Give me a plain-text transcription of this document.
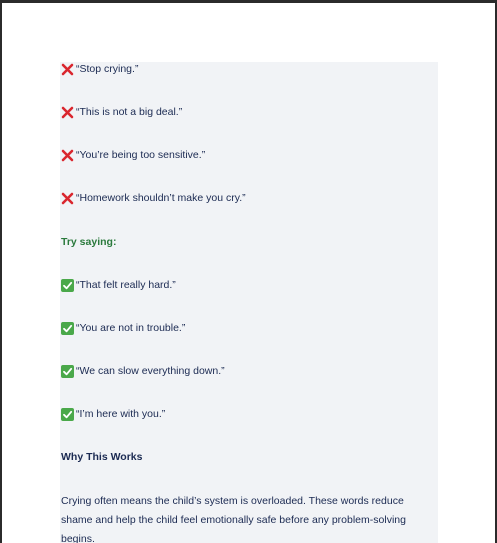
“Stop crying.”
“This is not a big deal.”
“You’re being too sensitive.”
“Homework shouldn’t make you cry.”
Try saying:
“That felt really hard.”
“You are not in trouble.”
“We can slow everything down.”
“I’m here with you.”
Why This Works
Crying often means the child’s system is overloaded. These words reduce shame and help the child feel emotionally safe before any problem-solving begins.
